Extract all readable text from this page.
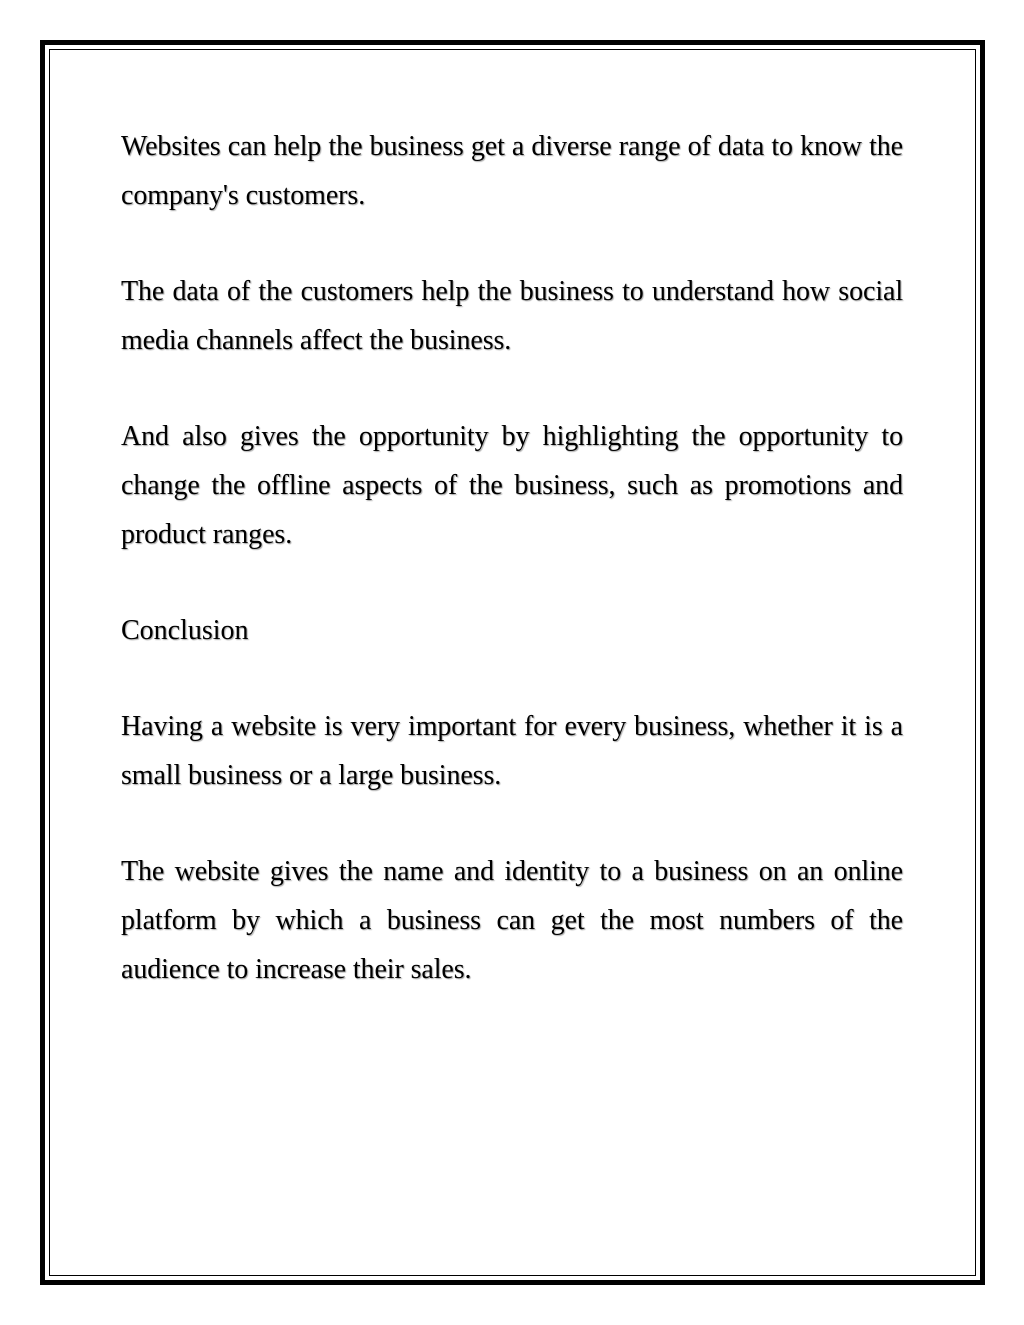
Websites can help the business get a diverse range of data to know the company's customers.

The data of the customers help the business to understand how social media channels affect the business.

And also gives the opportunity by highlighting the opportunity to change the offline aspects of the business, such as promotions and product ranges.

Conclusion

Having a website is very important for every business, whether it is a small business or a large business.

The website gives the name and identity to a business on an online platform by which a business can get the most numbers of the audience to increase their sales.
